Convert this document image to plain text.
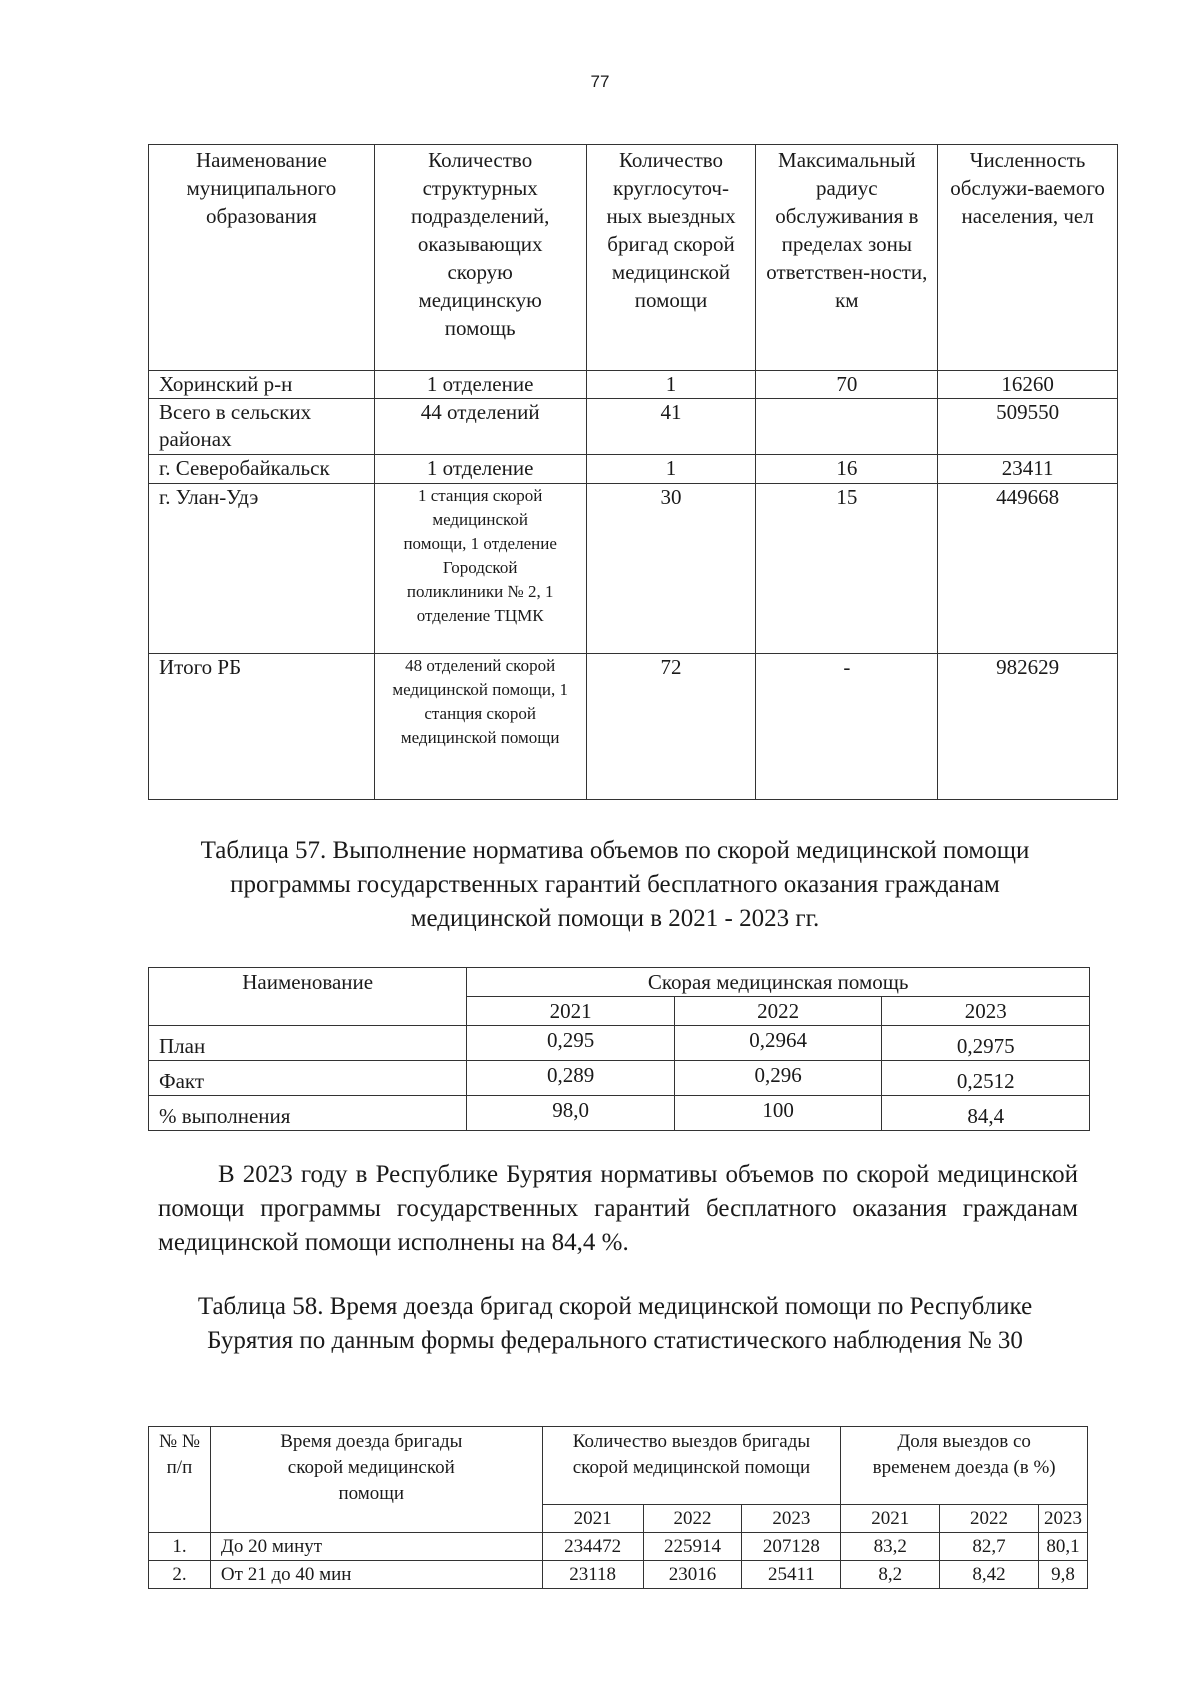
77
Наименование муниципального образования	Количество структурных подразделений, оказывающих скорую медицинскую помощь	Количество круглосуточ-ных выездных бригад скорой медицинской помощи	Максимальный радиус обслуживания в пределах зоны ответствен-ности, км	Численность обслужи-ваемого населения, чел
Хоринский р-н	1 отделение	1	70	16260
Всего в сельских районах	44 отделений	41		509550
г. Северобайкальск	1 отделение	1	16	23411
г. Улан-Удэ	1 станция скорой медицинской помощи, 1 отделение Городской поликлиники № 2, 1 отделение ТЦМК	30	15	449668
Итого РБ	48 отделений скорой медицинской помощи, 1 станция скорой медицинской помощи	72	-	982629
Таблица 57. Выполнение норматива объемов по скорой медицинской помощи программы государственных гарантий бесплатного оказания гражданам медицинской помощи в 2021 - 2023 гг.
Наименование	Скорая медицинская помощь		
	2021	2022	2023
План	0,295	0,2964	0,2975
Факт	0,289	0,296	0,2512
% выполнения	98,0	100	84,4

В 2023 году в Республике Бурятия нормативы объемов по скорой медицинской помощи программы государственных гарантий бесплатного оказания гражданам медицинской помощи исполнены на 84,4 %.

Таблица 58. Время доезда бригад скорой медицинской помощи по Республике Бурятия по данным формы федерального статистического наблюдения № 30
№ № п/п	Время доезда бригады скорой медицинской помощи	Количество выездов бригады скорой медицинской помощи			Доля выездов со временем доезда (в %)		
		2021	2022	2023	2021	2022	2023
1.	До 20 минут	234472	225914	207128	83,2	82,7	80,1
2.	От 21 до 40 мин	23118	23016	25411	8,2	8,42	9,8
